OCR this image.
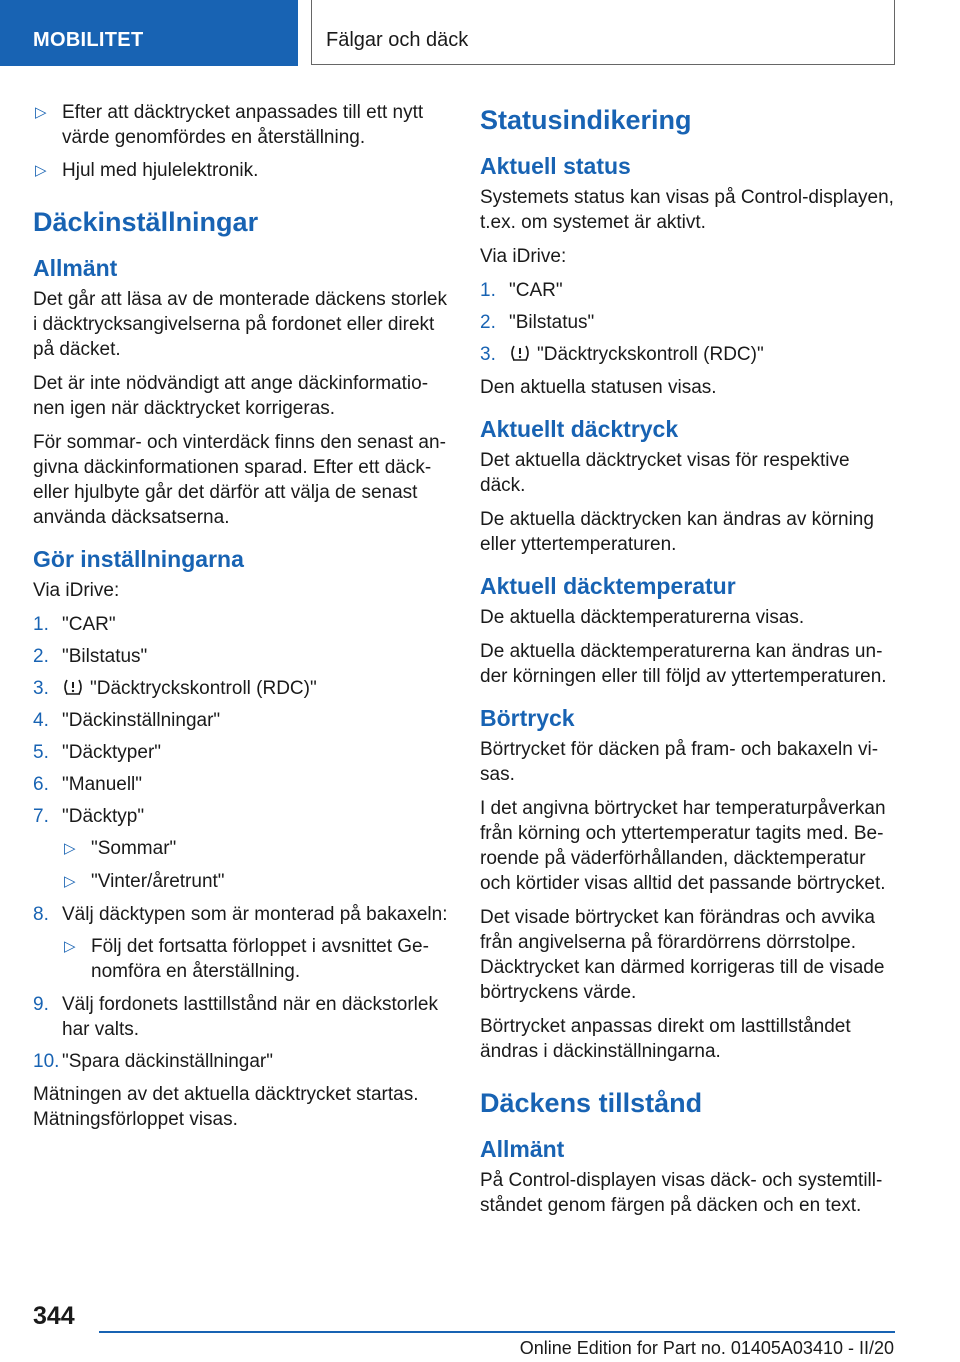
MOBILITET	Fälgar och däck
▷ Efter att däcktrycket anpassades till ett nytt värde genomfördes en återställning.
▷ Hjul med hjulelektronik.
Däckinställningar
Allmänt

Det går att läsa av de monterade däckens storlek i däcktrycksangivelserna på fordonet eller direkt på däcket.

Det är inte nödvändigt att ange däckinformationen igen när däcktrycket korrigeras.

För sommar- och vinterdäck finns den senast angivna däckinformationen sparad. Efter ett däck- eller hjulbyte går det därför att välja de senast använda däcksatserna.

Gör inställningarna

Via iDrive:

1. "CAR"
2. "Bilstatus"
3. "Däcktryckskontroll (RDC)"
4. "Däckinställningar"
5. "Däcktyper"
6. "Manuell"
7. "Däcktyp"
▷ "Sommar"
▷ "Vinter/åretrunt"
8. Välj däcktypen som är monterad på bakaxeln:
▷ Följ det fortsatta förloppet i avsnittet Genomföra en återställning.
9. Välj fordonets lasttillstånd när en däckstorlek har valts.
10. "Spara däckinställningar"

Mätningen av det aktuella däcktrycket startas.

Mätningsförloppet visas.

Statusindikering
Aktuell status

Systemets status kan visas på Control-displayen, t.ex. om systemet är aktivt.

Via iDrive:

1. "CAR"
2. "Bilstatus"
3. "Däcktryckskontroll (RDC)"

Den aktuella statusen visas.

Aktuellt däcktryck

Det aktuella däcktrycket visas för respektive däck.

De aktuella däcktrycken kan ändras av körning eller yttertemperaturen.

Aktuell däcktemperatur

De aktuella däcktemperaturerna visas.

De aktuella däcktemperaturerna kan ändras under körningen eller till följd av yttertemperaturen.

Börtryck

Börtrycket för däcken på fram- och bakaxeln visas.

I det angivna börtrycket har temperaturpåverkan från körning och yttertemperatur tagits med. Beroende på väderförhållanden, däcktemperatur och körtider visas alltid det passande börtrycket.

Det visade börtrycket kan förändras och avvika från angivelserna på förardörrens dörrstolpe. Däcktrycket kan därmed korrigeras till de visade börtryckens värde.

Börtrycket anpassas direkt om lasttillståndet ändras i däckinställningarna.

Däckens tillstånd
Allmänt

På Control-displayen visas däck- och systemtillståndet genom färgen på däcken och en text.

344
Online Edition for Part no. 01405A03410 - II/20
